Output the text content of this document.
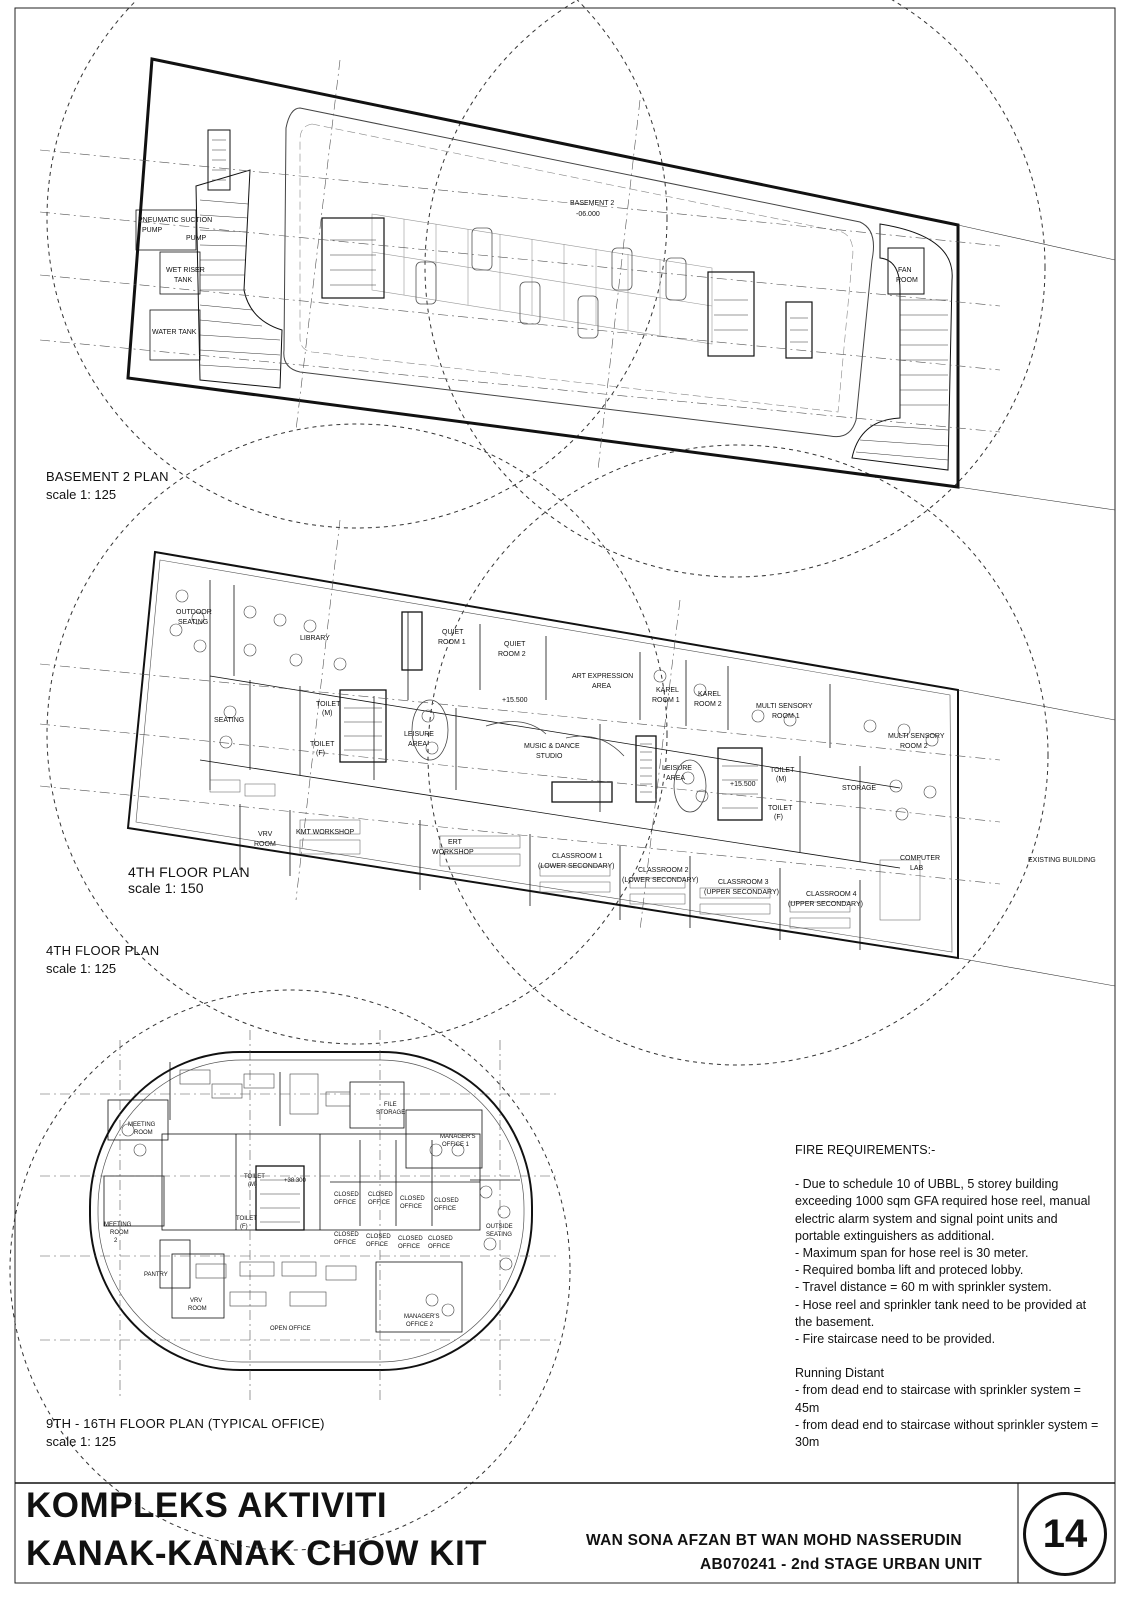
PNEUMATIC SUCTION
PUMP
PUMP
WET RISER
TANK
WATER TANK
BASEMENT 2
-06.000
FAN
ROOM
OUTDOOR
SEATING
LIBRARY
QUIET
ROOM 1	QUIET
ROOM 2
ART EXPRESSION
AREA
KAREL
ROOM 1
KAREL
ROOM 2	MULTI SENSORY
ROOM 1
MULTI SENSORY
ROOM 2
SEATING
TOILET
(M)
TOILET
(F)
LEISURE
AREA
+15.500
MUSIC & DANCE
STUDIO
LEISURE
AREA
+15.500
TOILET
(M)
TOILET
(F)
STORAGE
VRV
ROOM
KMT WORKSHOP
ERT
WORKSHOP
CLASSROOM 1
(LOWER SECONDARY)
CLASSROOM 2
(LOWER SECONDARY)	CLASSROOM 3
(UPPER SECONDARY)	CLASSROOM 4
(UPPER SECONDARY)
COMPUTER
LAB
EXISTING BUILDING
MEETING
ROOM
MEETING
ROOM
2
FILE
STORAGE
MANAGER'S
OFFICE 1
MANAGER'S
OFFICE 2
TOILET
(M)
TOILET
(F)
+38.300
CLOSED
OFFICE
CLOSED
OFFICE
CLOSED
OFFICE
CLOSED
OFFICE
CLOSED
OFFICE
CLOSED
OFFICE
CLOSED
OFFICE
CLOSED
OFFICE
OUTSIDE
SEATING
PANTRY
VRV
ROOM
OPEN OFFICE
BASEMENT 2 PLAN
scale 1: 125
4TH FLOOR PLAN
scale 1: 150
4TH FLOOR PLAN
scale 1: 125
9TH - 16TH FLOOR PLAN (TYPICAL OFFICE)
scale 1: 125
FIRE REQUIREMENTS:-
- Due to schedule 10 of UBBL, 5 storey building exceeding 1000 sqm GFA required hose reel, manual electric alarm system and signal point units and portable extinguishers as additional.
- Maximum span for hose reel is 30 meter.
- Required bomba lift and proteced lobby.
- Travel distance = 60 m with sprinkler system.
- Hose reel and sprinkler tank need to be provided at the basement.
- Fire staircase need to be provided.
Running Distant
- from dead end to staircase with sprinkler system = 45m
- from dead end to staircase without sprinkler system = 30m
KOMPLEKS AKTIVITI
KANAK-KANAK CHOW KIT	WAN SONA AFZAN BT WAN MOHD NASSERUDIN
AB070241 - 2nd STAGE URBAN UNIT
14
